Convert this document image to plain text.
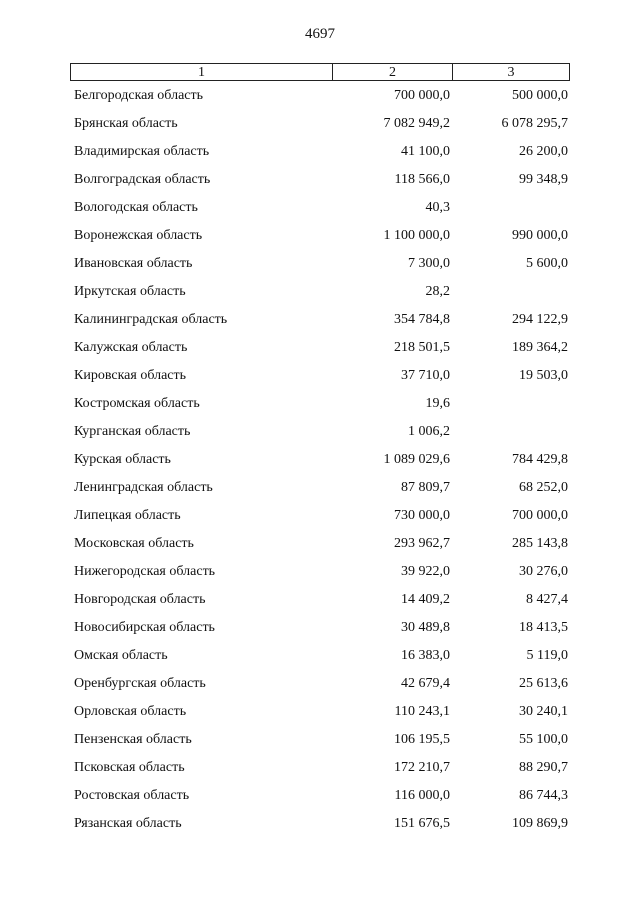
4697
1	2	3
Белгородская область	700 000,0	500 000,0
Брянская область	7 082 949,2	6 078 295,7
Владимирская область	41 100,0	26 200,0
Волгоградская область	118 566,0	99 348,9
Вологодская область	40,3
Воронежская область	1 100 000,0	990 000,0
Ивановская область	7 300,0	5 600,0
Иркутская область	28,2
Калининградская область	354 784,8	294 122,9
Калужская область	218 501,5	189 364,2
Кировская область	37 710,0	19 503,0
Костромская область	19,6
Курганская область	1 006,2
Курская область	1 089 029,6	784 429,8
Ленинградская область	87 809,7	68 252,0
Липецкая область	730 000,0	700 000,0
Московская область	293 962,7	285 143,8
Нижегородская область	39 922,0	30 276,0
Новгородская область	14 409,2	8 427,4
Новосибирская область	30 489,8	18 413,5
Омская область	16 383,0	5 119,0
Оренбургская область	42 679,4	25 613,6
Орловская область	110 243,1	30 240,1
Пензенская область	106 195,5	55 100,0
Псковская область	172 210,7	88 290,7
Ростовская область	116 000,0	86 744,3
Рязанская область	151 676,5	109 869,9
